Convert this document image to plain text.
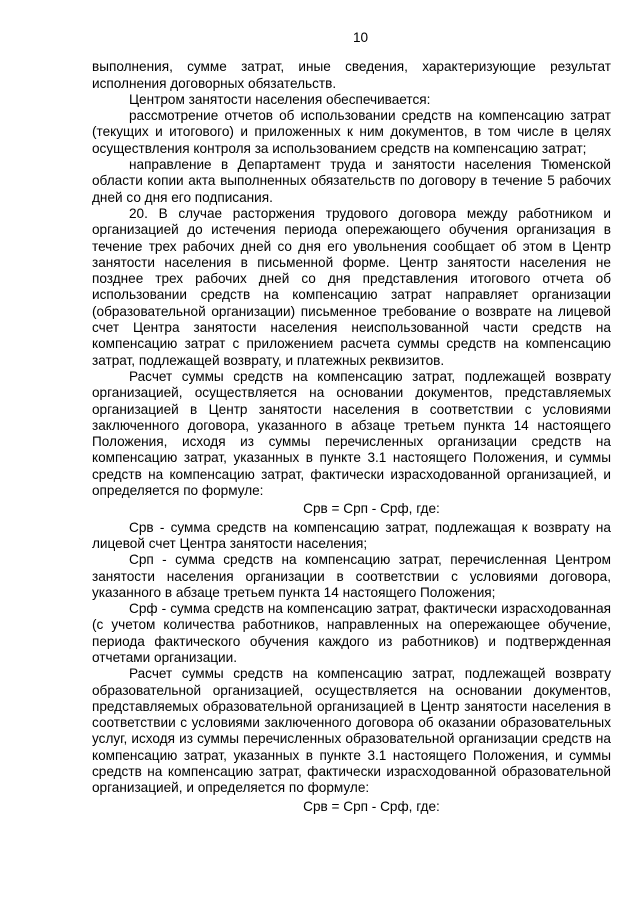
10

выполнения, сумме затрат, иные сведения, характеризующие результат исполнения договорных обязательств.

Центром занятости населения обеспечивается:

рассмотрение отчетов об использовании средств на компенсацию затрат (текущих и итогового) и приложенных к ним документов, в том числе в целях осуществления контроля за использованием средств на компенсацию затрат;

направление в Департамент труда и занятости населения Тюменской области копии акта выполненных обязательств по договору в течение 5 рабочих дней со дня его подписания.

20. В случае расторжения трудового договора между работником и организацией до истечения периода опережающего обучения организация в течение трех рабочих дней со дня его увольнения сообщает об этом в Центр занятости населения в письменной форме. Центр занятости населения не позднее трех рабочих дней со дня представления итогового отчета об использовании средств на компенсацию затрат направляет организации (образовательной организации) письменное требование о возврате на лицевой счет Центра занятости населения неиспользованной части средств на компенсацию затрат с приложением расчета суммы средств на компенсацию затрат, подлежащей возврату, и платежных реквизитов.

Расчет суммы средств на компенсацию затрат, подлежащей возврату организацией, осуществляется на основании документов, представляемых организацией в Центр занятости населения в соответствии с условиями заключенного договора, указанного в абзаце третьем пункта 14 настоящего Положения, исходя из суммы перечисленных организации средств на компенсацию затрат, указанных в пункте 3.1 настоящего Положения, и суммы средств на компенсацию затрат, фактически израсходованной организацией, и определяется по формуле:

Срв = Срп - Срф, где:

Срв - сумма средств на компенсацию затрат, подлежащая к возврату на лицевой счет Центра занятости населения;

Срп - сумма средств на компенсацию затрат, перечисленная Центром занятости населения организации в соответствии с условиями договора, указанного в абзаце третьем пункта 14 настоящего Положения;

Срф - сумма средств на компенсацию затрат, фактически израсходованная (с учетом количества работников, направленных на опережающее обучение, периода фактического обучения каждого из работников) и подтвержденная отчетами организации.

Расчет суммы средств на компенсацию затрат, подлежащей возврату образовательной организацией, осуществляется на основании документов, представляемых образовательной организацией в Центр занятости населения в соответствии с условиями заключенного договора об оказании образовательных услуг, исходя из суммы перечисленных образовательной организации средств на компенсацию затрат, указанных в пункте 3.1 настоящего Положения, и суммы средств на компенсацию затрат, фактически израсходованной образовательной организацией, и определяется по формуле:

Срв = Срп - Срф, где:
